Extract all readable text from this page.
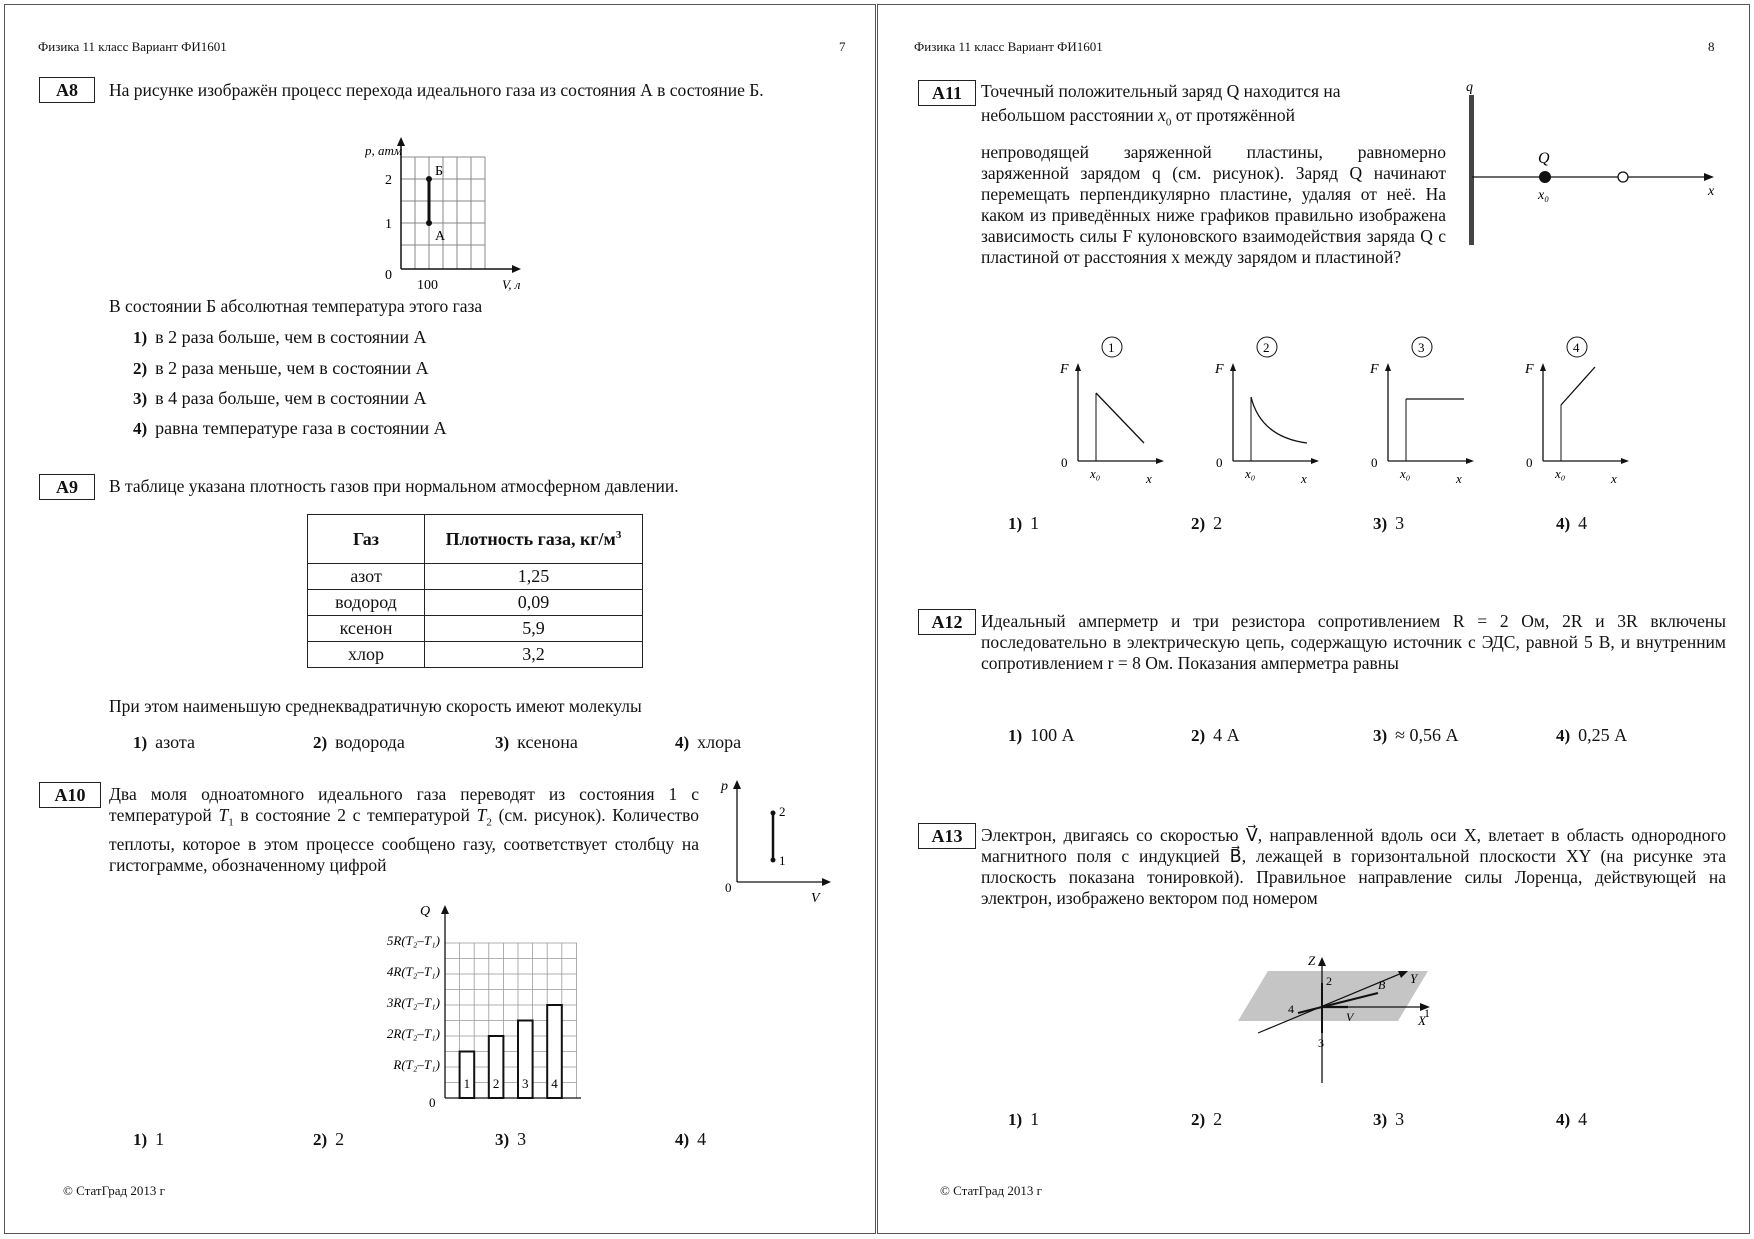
Физика 11 класс Вариант ФИ1601	7
А8	На рисунке изображён процесс перехода идеального газа из состояния А в состояние Б.
p, атм
2
1
0
100	V, л
Б
А
В состоянии Б абсолютная температура этого газа
1) в 2 раза больше, чем в состоянии А
2) в 2 раза меньше, чем в состоянии А
3) в 4 раза больше, чем в состоянии А
4) равна температуре газа в состоянии А
А9	В таблице указана плотность газов при нормальном атмосферном давлении.
Газ	Плотность газа, $кг/м^3$
азот	1,25
водород	0,09
ксенон	5,9
хлор	3,2
При этом наименьшую среднеквадратичную скорость имеют молекулы
1) азота	2) водорода	3) ксенона	4) хлора
А10	Два моля одноатомного идеального газа переводят из состояния 1 с температурой $T_1$ в состояние 2 с температурой $T_2$ (см. рисунок). Количество теплоты, которое в этом процессе сообщено газу, соответствует столбцу на гистограмме, обозначенному цифрой
p
0
V
2
1
Q
0
5R(T₂–T₁)
4R(T₂–T₁)
3R(T₂–T₁)
2R(T₂–T₁)
R(T₂–T₁)
1 2 3 4
1) 1	2) 2	3) 3	4) 4
© СтатГрад 2013 г
Физика 11 класс Вариант ФИ1601	8
А11	Точечный положительный заряд Q находится на
небольшом расстоянии $x_0$ от протяжённой
непроводящей заряженной пластины, равномерно заряженной зарядом q (см. рисунок). Заряд Q начинают перемещать перпендикулярно пластине, удаляя от неё. На каком из приведённых ниже графиков правильно изображена
зависимость силы F кулоновского взаимодействия заряда Q с пластиной от расстояния x между зарядом и пластиной?
q
Q
x₀	x
1
F
0
x₀	x
2
F
0
x₀	x
3
F
0
x₀	x
4
F
0
x₀	x
1) 1	2) 2	3) 3	4) 4
А12	Идеальный амперметр и три резистора сопротивлением R = 2 Ом, 2R и 3R включены последовательно в электрическую цепь, содержащую источник с ЭДС, равной 5 В, и внутренним сопротивлением r = 8 Ом. Показания амперметра равны
1) 100 А	2) 4 А	3) ≈ 0,56 А	4) 0,25 А
А13	Электрон, двигаясь со скоростью V⃗, направленной вдоль оси X, влетает в область однородного магнитного поля с индукцией B⃗, лежащей в горизонтальной плоскости XY (на рисунке эта плоскость показана тонировкой). Правильное направление силы Лоренца, действующей на электрон, изображено вектором под номером
Z
Y
X
B
V
2
3
4	1
1) 1	2) 2	3) 3	4) 4
© СтатГрад 2013 г
